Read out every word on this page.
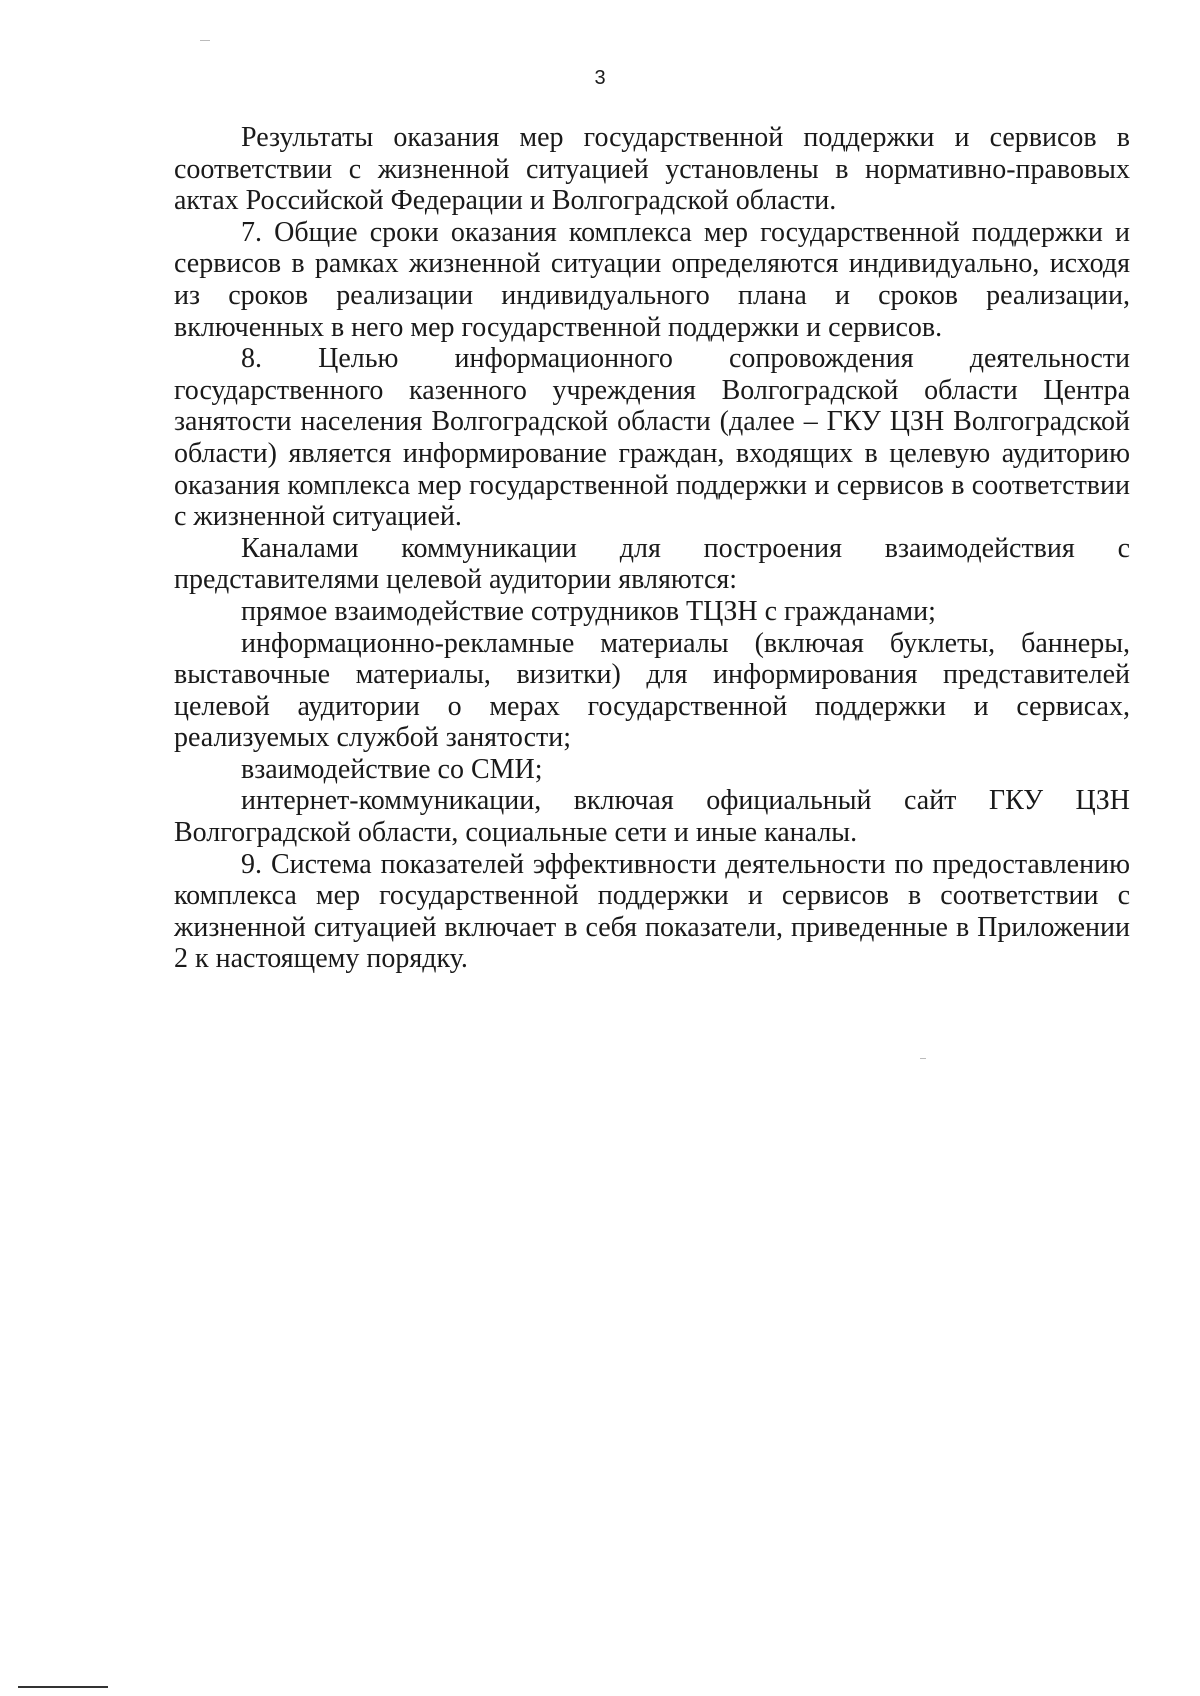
3

Результаты оказания мер государственной поддержки и сервисов в соответствии с жизненной ситуацией установлены в нормативно-правовых актах Российской Федерации и Волгоградской области.

7. Общие сроки оказания комплекса мер государственной поддержки и сервисов в рамках жизненной ситуации определяются индивидуально, исходя из сроков реализации индивидуального плана и сроков реализации, включенных в него мер государственной поддержки и сервисов.

8. Целью информационного сопровождения деятельности государственного казенного учреждения Волгоградской области Центра занятости населения Волгоградской области (далее – ГКУ ЦЗН Волгоградской области) является информирование граждан, входящих в целевую аудиторию оказания комплекса мер государственной поддержки и сервисов в соответствии с жизненной ситуацией.

Каналами коммуникации для построения взаимодействия с представителями целевой аудитории являются:

прямое взаимодействие сотрудников ТЦЗН с гражданами;

информационно-рекламные материалы (включая буклеты, баннеры, выставочные материалы, визитки) для информирования представителей целевой аудитории о мерах государственной поддержки и сервисах, реализуемых службой занятости;

взаимодействие со СМИ;

интернет-коммуникации, включая официальный сайт ГКУ ЦЗН Волгоградской области, социальные сети и иные каналы.

9. Система показателей эффективности деятельности по предоставлению комплекса мер государственной поддержки и сервисов в соответствии с жизненной ситуацией включает в себя показатели, приведенные в Приложении 2 к настоящему порядку.
